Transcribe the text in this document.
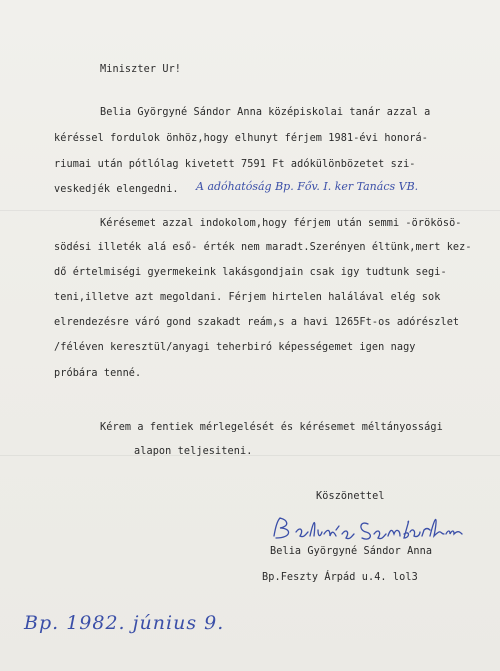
Miniszter Ur!
Belia Györgyné Sándor Anna középiskolai tanár azzal a
kéréssel fordulok önhöz,hogy elhunyt férjem 1981-évi honorá-
riumai után pótlólag kivetett 7591 Ft adókülönbözetet szi-
veskedjék elengedni. A adóhatóság Bp. Főv. I. ker Tanács VB.
Kérésemet azzal indokolom,hogy férjem után semmi -örökösö-
södési illeték alá eső- érték nem maradt.Szerényen éltünk,mert kez-
dő értelmiségi gyermekeink lakásgondjain csak igy tudtunk segi-
teni,illetve azt megoldani. Férjem hirtelen halálával elég sok
elrendezésre váró gond szakadt reám,s a havi 1265Ft-os adórészlet
/féléven keresztül/anyagi teherbiró képességemet igen nagy
próbára tenné.
Kérem a fentiek mérlegelését és kérésemet méltányossági
alapon teljesiteni.
Köszönettel
Belia Györgyné Sándor Anna
Bp.Feszty Árpád u.4. lol3
Bp. 1982. június 9.
